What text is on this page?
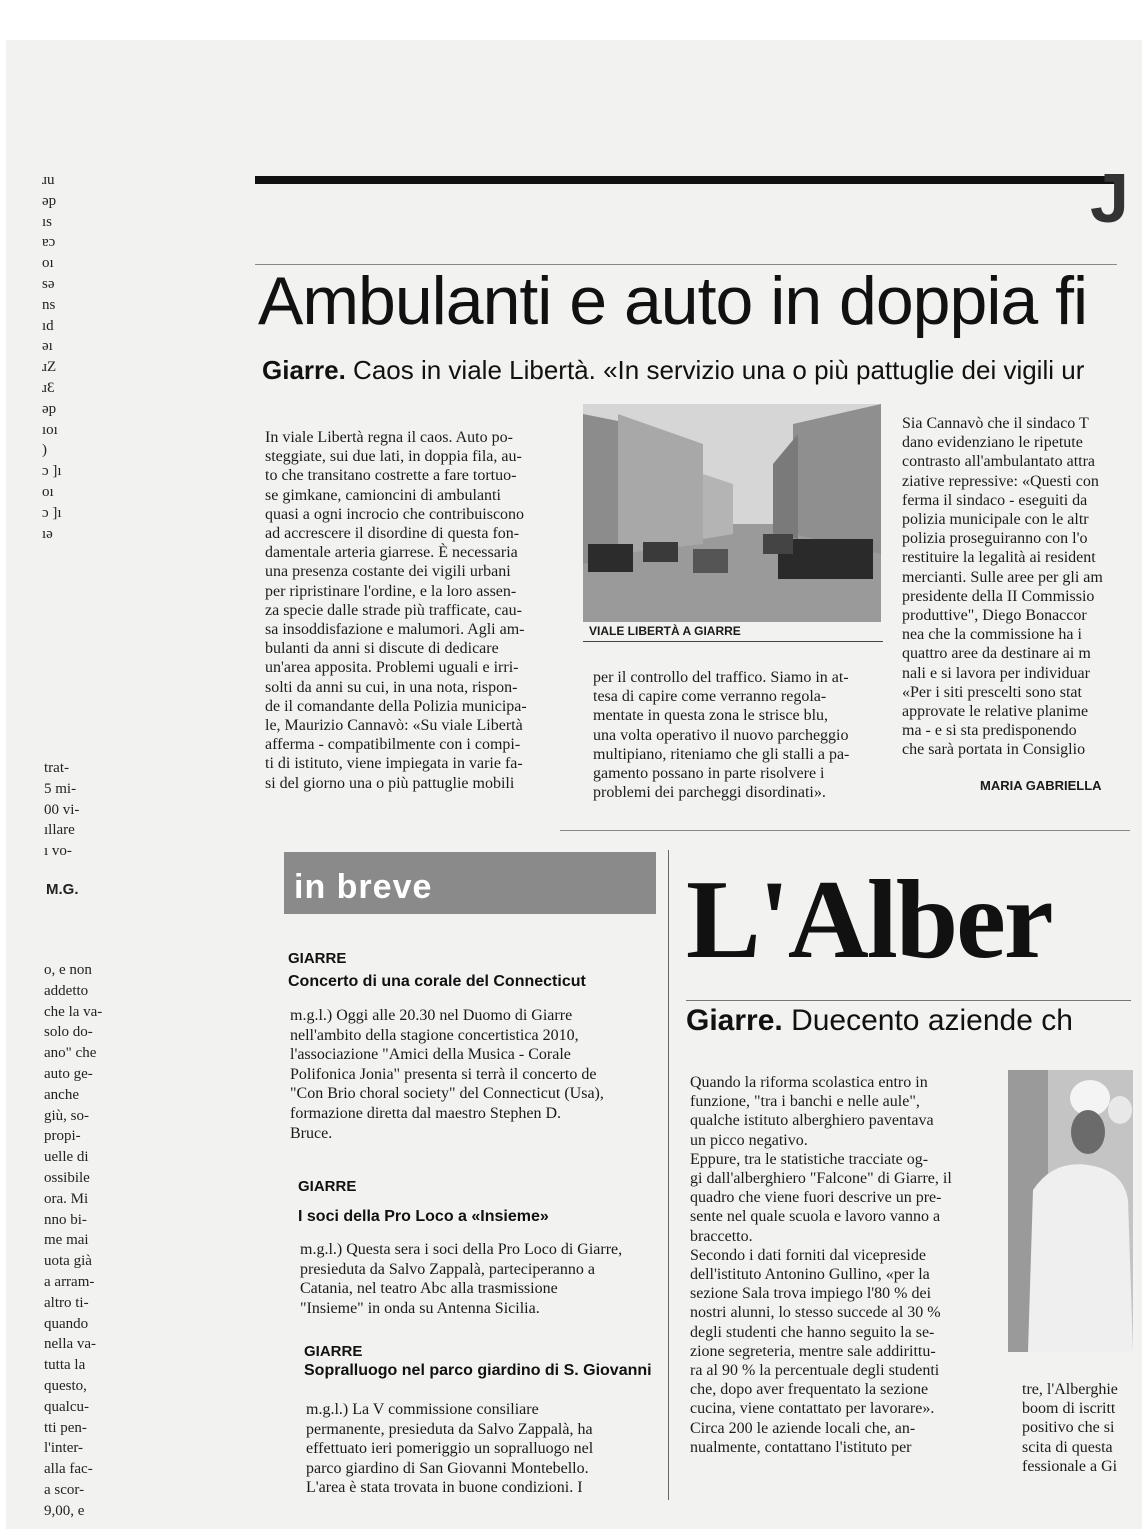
ɹu
ǝp
ıs
ɐɔ
oı
sǝ
ns
ıd
ǝı
ɹZ
ɹƐ
ǝp
ıoı
)
ɔ ]ı
oı
ɔ ]ı
ıǝ
trat-
5 mi-
00 vi-
ıllare
ı vo-
M.G.
o, e non
addetto
che la va-
solo do-
ano" che
auto ge-
anche
giù, so-
propi-
uelle di
ossibile
ora. Mi
nno bi-
me mai
uota già
a arram-
altro ti-
quando
nella va-
tutta la
questo,
qualcu-
tti pen-
l'inter-
alla fac-
a scor-
9,00, e
J
Ambulanti e auto in doppia fi
Giarre. Caos in viale Libertà. «In servizio una o più pattuglie dei vigili ur
In viale Libertà regna il caos. Auto po-
steggiate, sui due lati, in doppia fila, au-
to che transitano costrette a fare tortuo-
se gimkane, camioncini di ambulanti
quasi a ogni incrocio che contribuiscono
ad accrescere il disordine di questa fon-
damentale arteria giarrese. È necessaria
una presenza costante dei vigili urbani
per ripristinare l'ordine, e la loro assen-
za specie dalle strade più trafficate, cau-
sa insoddisfazione e malumori. Agli am-
bulanti da anni si discute di dedicare
un'area apposita. Problemi uguali e irri-
solti da anni su cui, in una nota, rispon-
de il comandante della Polizia municipa-
le, Maurizio Cannavò: «Su viale Libertà
afferma - compatibilmente con i compi-
ti di istituto, viene impiegata in varie fa-
si del giorno una o più pattuglie mobili
VIALE LIBERTÀ A GIARRE
per il controllo del traffico. Siamo in at-
tesa di capire come verranno regola-
mentate in questa zona le strisce blu,
una volta operativo il nuovo parcheggio
multipiano, riteniamo che gli stalli a pa-
gamento possano in parte risolvere i
problemi dei parcheggi disordinati».
Sia Cannavò che il sindaco T
dano evidenziano le ripetute
contrasto all'ambulantato attra
ziative repressive: «Questi con
ferma il sindaco - eseguiti da
polizia municipale con le altr
polizia proseguiranno con l'o
restituire la legalità ai resident
mercianti. Sulle aree per gli am
presidente della II Commissio
produttive", Diego Bonaccor
nea che la commissione ha i
quattro aree da destinare ai m
nali e si lavora per individuar
«Per i siti prescelti sono stat
approvate le relative planime
ma - e si sta predisponendo
che sarà portata in Consiglio
MARIA GABRIELLA
in breve
GIARRE
Concerto di una corale del Connecticut
m.g.l.) Oggi alle 20.30 nel Duomo di Giarre
nell'ambito della stagione concertistica 2010,
l'associazione "Amici della Musica - Corale
Polifonica Jonia" presenta si terrà il concerto de
"Con Brio choral society" del Connecticut (Usa),
formazione diretta dal maestro Stephen D.
Bruce.
GIARRE
I soci della Pro Loco a «Insieme»
m.g.l.) Questa sera i soci della Pro Loco di Giarre,
presieduta da Salvo Zappalà, parteciperanno a
Catania, nel teatro Abc alla trasmissione
"Insieme" in onda su Antenna Sicilia.
GIARRE
Sopralluogo nel parco giardino di S. Giovanni
m.g.l.) La V commissione consiliare
permanente, presieduta da Salvo Zappalà, ha
effettuato ieri pomeriggio un sopralluogo nel
parco giardino di San Giovanni Montebello.
L'area è stata trovata in buone condizioni. I
L'Alber
Giarre. Duecento aziende ch
Quando la riforma scolastica entro in
funzione, "tra i banchi e nelle aule",
qualche istituto alberghiero paventava
un picco negativo.
Eppure, tra le statistiche tracciate og-
gi dall'alberghiero "Falcone" di Giarre, il
quadro che viene fuori descrive un pre-
sente nel quale scuola e lavoro vanno a
braccetto.
Secondo i dati forniti dal vicepreside
dell'istituto Antonino Gullino, «per la
sezione Sala trova impiego l'80 % dei
nostri alunni, lo stesso succede al 30 %
degli studenti che hanno seguito la se-
zione segreteria, mentre sale addirittu-
ra al 90 % la percentuale degli studenti
che, dopo aver frequentato la sezione
cucina, viene contattato per lavorare».
Circa 200 le aziende locali che, an-
nualmente, contattano l'istituto per
tre, l'Alberghie
boom di iscritt
positivo che si
scita di questa
fessionale a Gi
